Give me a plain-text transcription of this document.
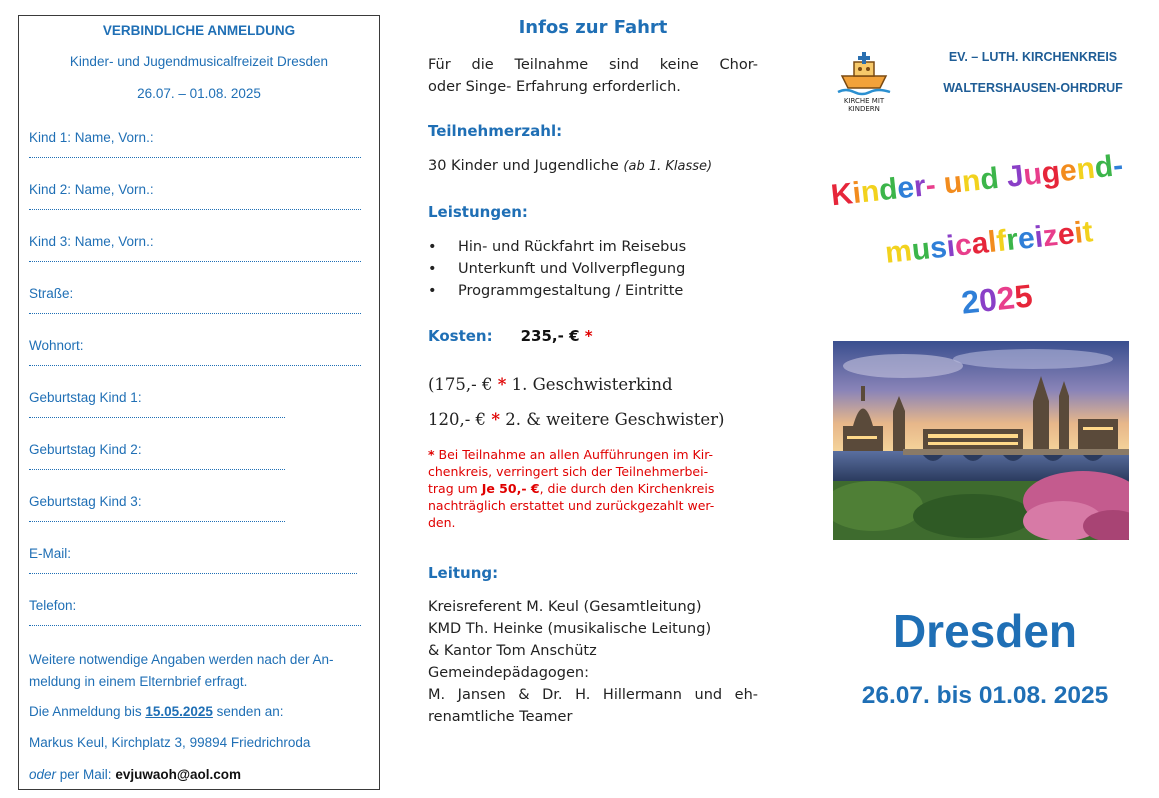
VERBINDLICHE ANMELDUNG
Kinder- und Jugendmusicalfreizeit Dresden
26.07. – 01.08. 2025
Kind 1: Name, Vorn.:
Kind 2: Name, Vorn.:
Kind 3: Name, Vorn.:
Straße:
Wohnort:
Geburtstag Kind 1:
Geburtstag Kind 2:
Geburtstag Kind 3:
E-Mail:
Telefon:
Weitere notwendige Angaben werden nach der An-
meldung in einem Elternbrief erfragt.
Die Anmeldung bis 15.05.2025 senden an:
Markus Keul, Kirchplatz 3, 99894 Friedrichroda
oder per Mail: evjuwaoh@aol.com
Infos zur Fahrt
Für die Teilnahme sind keine Chor-
oder Singe- Erfahrung erforderlich.
Teilnehmerzahl:
30 Kinder und Jugendliche (ab 1. Klasse)
Leistungen:
• Hin- und Rückfahrt im Reisebus
• Unterkunft und Vollverpflegung
• Programmgestaltung / Eintritte
Kosten: 235,- € *
(175,- € * 1. Geschwisterkind
120,- € * 2. & weitere Geschwister)
* Bei Teilnahme an allen Aufführungen im Kir-
chenkreis, verringert sich der Teilnehmerbei-
trag um Je 50,- €, die durch den Kirchenkreis
nachträglich erstattet und zurückgezahlt wer-
den.
Leitung:
Kreisreferent M. Keul (Gesamtleitung)
KMD Th. Heinke (musikalische Leitung)
& Kantor Tom Anschütz
Gemeindepädagogen:
M. Jansen & Dr. H. Hillermann und eh-
renamtliche Teamer
KIRCHE MIT
KINDERN
EV. – LUTH. KIRCHENKREIS
WALTERSHAUSEN-OHRDRUF
Kinder- und Jugend-
musicalfreizeit
2025
Dresden
26.07. bis 01.08. 2025
